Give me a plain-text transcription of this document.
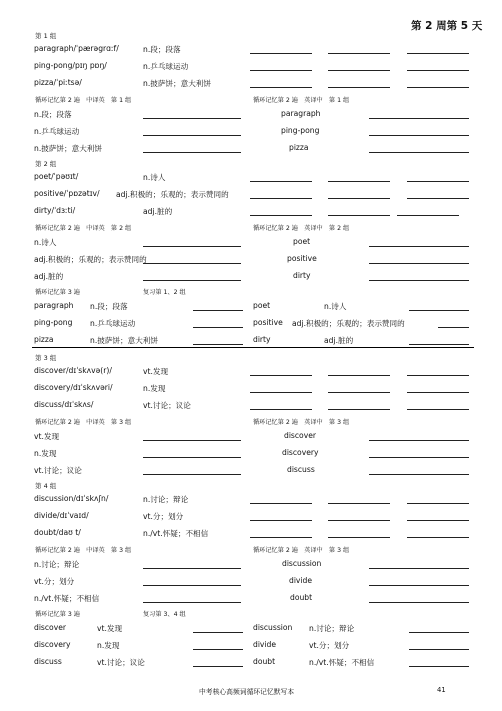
第 2 周第 5 天
第 1 组
paragraph/ˈpærəgrɑːf/	n.段；段落
ping-pong/pɪŋ pɒŋ/	n.乒乓球运动
pizza/ˈpiːtsə/	n.披萨饼；意大利饼
循环记忆第 2 遍　中译英　第 1 组	循环记忆第 2 遍　英译中　第 1 组
n.段；段落	paragraph
n.乒乓球运动	ping-pong
n.披萨饼；意大利饼	pizza
第 2 组
poet/ˈpəʊɪt/	n.诗人
positive/ˈpɒzətɪv/ adj.积极的；乐观的；表示赞同的
dirty/ˈdɜːti/	adj.脏的
循环记忆第 2 遍　中译英　第 2 组	循环记忆第 2 遍　英译中　第 2 组
n.诗人	poet
adj.积极的；乐观的；表示赞同的	positive
adj.脏的	dirty
循环记忆第 3 遍	复习第 1、2 组
paragraph n.段；段落	poet	n.诗人
ping-pong n.乒乓球运动	positive adj.积极的；乐观的；表示赞同的
pizza	n.披萨饼；意大利饼	dirty	adj.脏的
第 3 组
discover/dɪˈskʌvə(r)/	vt.发现
discovery/dɪˈskʌvəri/	n.发现
discuss/dɪˈskʌs/	vt.讨论；议论
循环记忆第 2 遍　中译英　第 3 组	循环记忆第 2 遍　英译中　第 3 组
vt.发现	discover
n.发现	discovery
vt.讨论；议论	discuss
第 4 组
discussion/dɪˈskʌʃn/	n.讨论；辩论
divide/dɪˈvaɪd/	vt.分；划分
doubt/daʊ t/	n./vt.怀疑；不相信
循环记忆第 2 遍　中译英　第 3 组	循环记忆第 2 遍　英译中　第 3 组
n.讨论；辩论	discussion
vt.分；划分	divide
n./vt.怀疑；不相信	doubt
循环记忆第 3 遍	复习第 3、4 组
discover	vt.发现	discussion n.讨论；辩论
discovery	n.发现	divide	vt.分；划分
discuss	vt.讨论；议论	doubt	n./vt.怀疑；不相信
中考核心高频词循环记忆默写本	41
